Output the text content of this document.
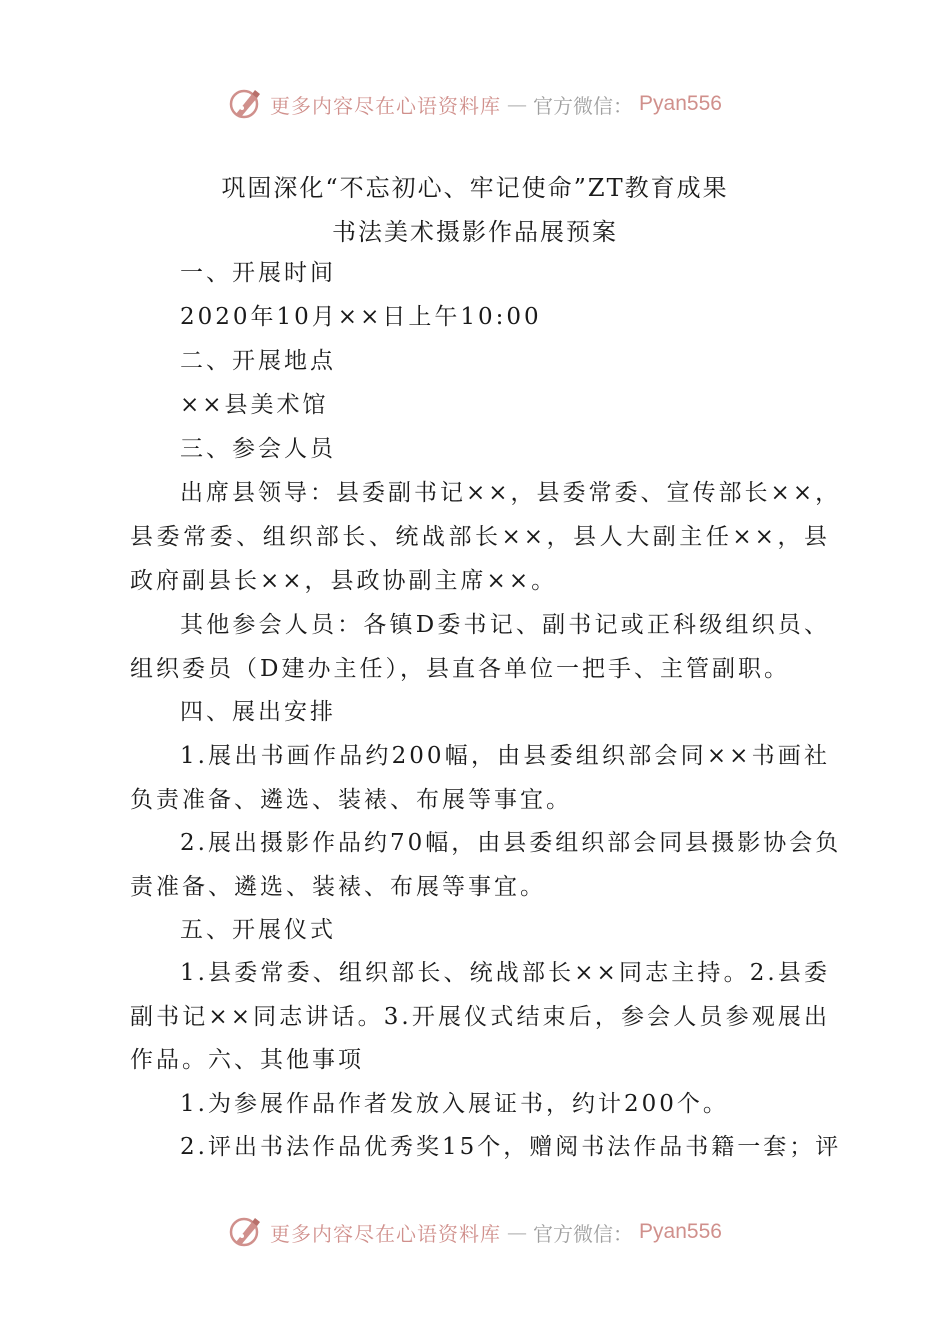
更多内容尽在心语资料库 — 官方微信： Pyan556
巩固深化“不忘初心、牢记使命”ZT教育成果
书法美术摄影作品展预案
一、开展时间
2020年10月××日上午10:00
二、开展地点
××县美术馆
三、参会人员
出席县领导：县委副书记××，县委常委、宣传部长××，
县委常委、组织部长、统战部长××，县人大副主任××，县
政府副县长××，县政协副主席××。
其他参会人员：各镇D委书记、副书记或正科级组织员、
组织委员（D建办主任），县直各单位一把手、主管副职。
四、展出安排
1.展出书画作品约200幅，由县委组织部会同××书画社
负责准备、遴选、装裱、布展等事宜。
2.展出摄影作品约70幅，由县委组织部会同县摄影协会负
责准备、遴选、装裱、布展等事宜。
五、开展仪式
1.县委常委、组织部长、统战部长××同志主持。2.县委
副书记××同志讲话。3.开展仪式结束后，参会人员参观展出
作品。六、其他事项
1.为参展作品作者发放入展证书，约计200个。
2.评出书法作品优秀奖15个，赠阅书法作品书籍一套；评
更多内容尽在心语资料库 — 官方微信： Pyan556
